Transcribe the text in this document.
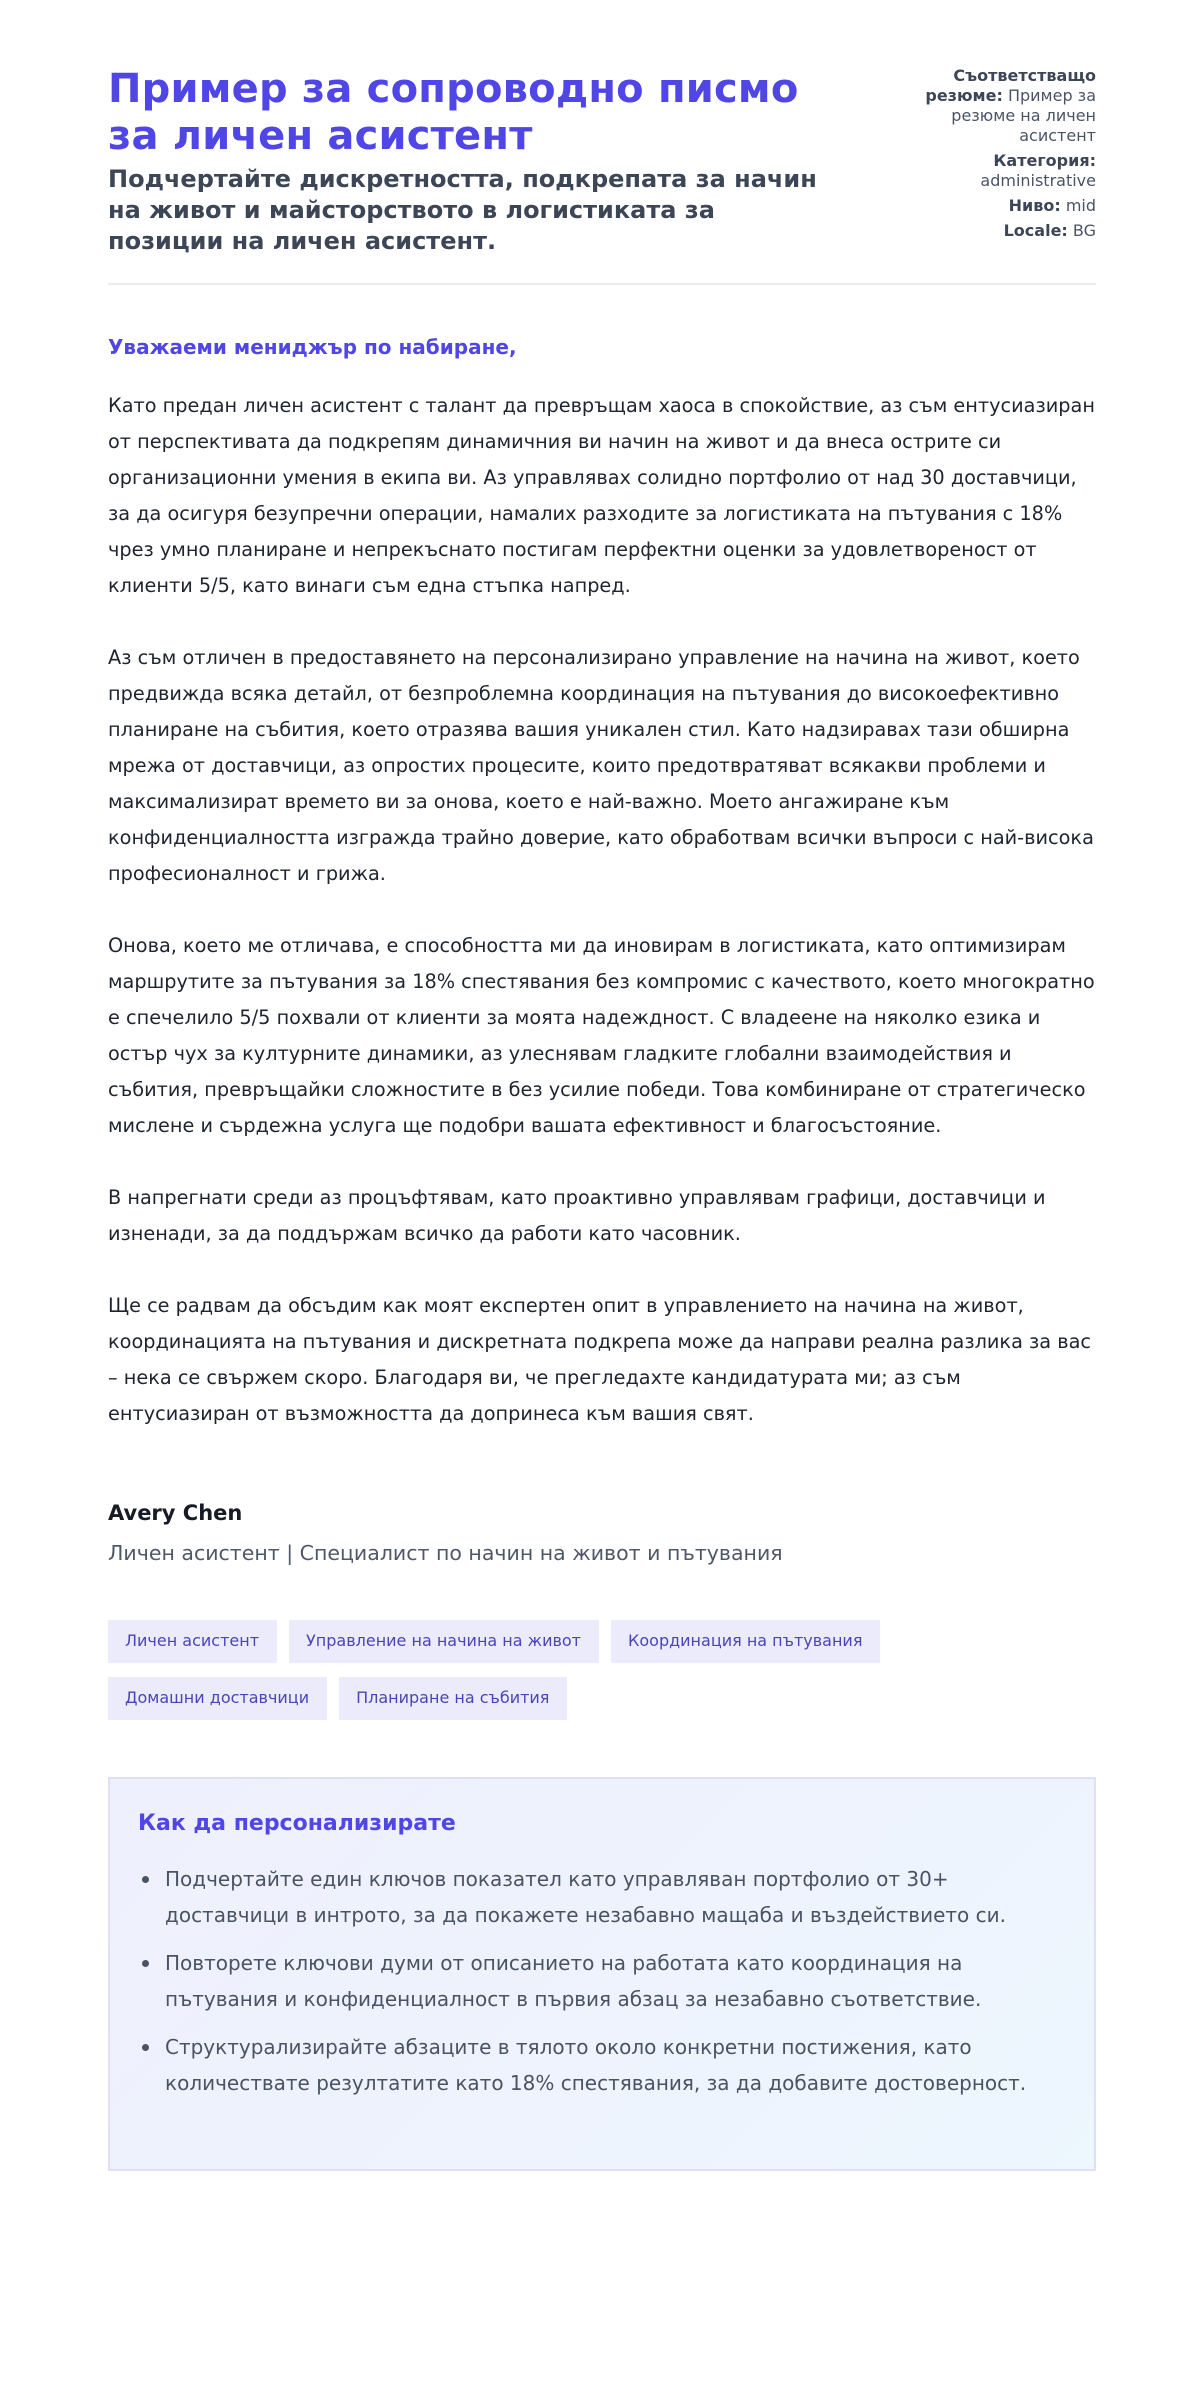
Пример за сопроводно писмо за личен асистент
Подчертайте дискретността, подкрепата за начин на живот и майсторството в логистиката за позиции на личен асистент.
Съответстващо резюме: Пример за резюме на личен асистент
Категория: administrative
Ниво: mid
Locale: BG

Уважаеми мениджър по набиране,

Като предан личен асистент с талант да превръщам хаоса в спокойствие, аз съм ентусиазиран от перспективата да подкрепям динамичния ви начин на живот и да внеса острите си организационни умения в екипа ви. Аз управлявах солидно портфолио от над 30 доставчици, за да осигуря безупречни операции, намалих разходите за логистиката на пътувания с 18% чрез умно планиране и непрекъснато постигам перфектни оценки за удовлетвореност от клиенти 5/5, като винаги съм една стъпка напред.

Аз съм отличен в предоставянето на персонализирано управление на начина на живот, което предвижда всяка детайл, от безпроблемна координация на пътувания до високоефективно планиране на събития, което отразява вашия уникален стил. Като надзиравах тази обширна мрежа от доставчици, аз опростих процесите, които предотвратяват всякакви проблеми и максимализират времето ви за онова, което е най-важно. Моето ангажиране към конфиденциалността изгражда трайно доверие, като обработвам всички въпроси с най-висока професионалност и грижа.

Онова, което ме отличава, е способността ми да иновирам в логистиката, като оптимизирам маршрутите за пътувания за 18% спестявания без компромис с качеството, което многократно е спечелило 5/5 похвали от клиенти за моята надеждност. С владеене на няколко езика и остър чух за културните динамики, аз улеснявам гладките глобални взаимодействия и събития, превръщайки сложностите в без усилие победи. Това комбиниране от стратегическо мислене и сърдежна услуга ще подобри вашата ефективност и благосъстояние.

В напрегнати среди аз процъфтявам, като проактивно управлявам графици, доставчици и изненади, за да поддържам всичко да работи като часовник.

Ще се радвам да обсъдим как моят експертен опит в управлението на начина на живот, координацията на пътувания и дискретната подкрепа може да направи реална разлика за вас – нека се свържем скоро. Благодаря ви, че прегледахте кандидатурата ми; аз съм ентусиазиран от възможността да допринеса към вашия свят.

Avery Chen
Личен асистент | Специалист по начин на живот и пътувания
Личен асистент	Управление на начина на живот	Координация на пътувания
Домашни доставчици	Планиране на събития
Как да персонализирате
Подчертайте един ключов показател като управляван портфолио от 30+ доставчици в интрото, за да покажете незабавно мащаба и въздействието си.
Повторете ключови думи от описанието на работата като координация на пътувания и конфиденциалност в първия абзац за незабавно съответствие.
Структурализирайте абзаците в тялото около конкретни постижения, като количествате резултатите като 18% спестявания, за да добавите достоверност.
